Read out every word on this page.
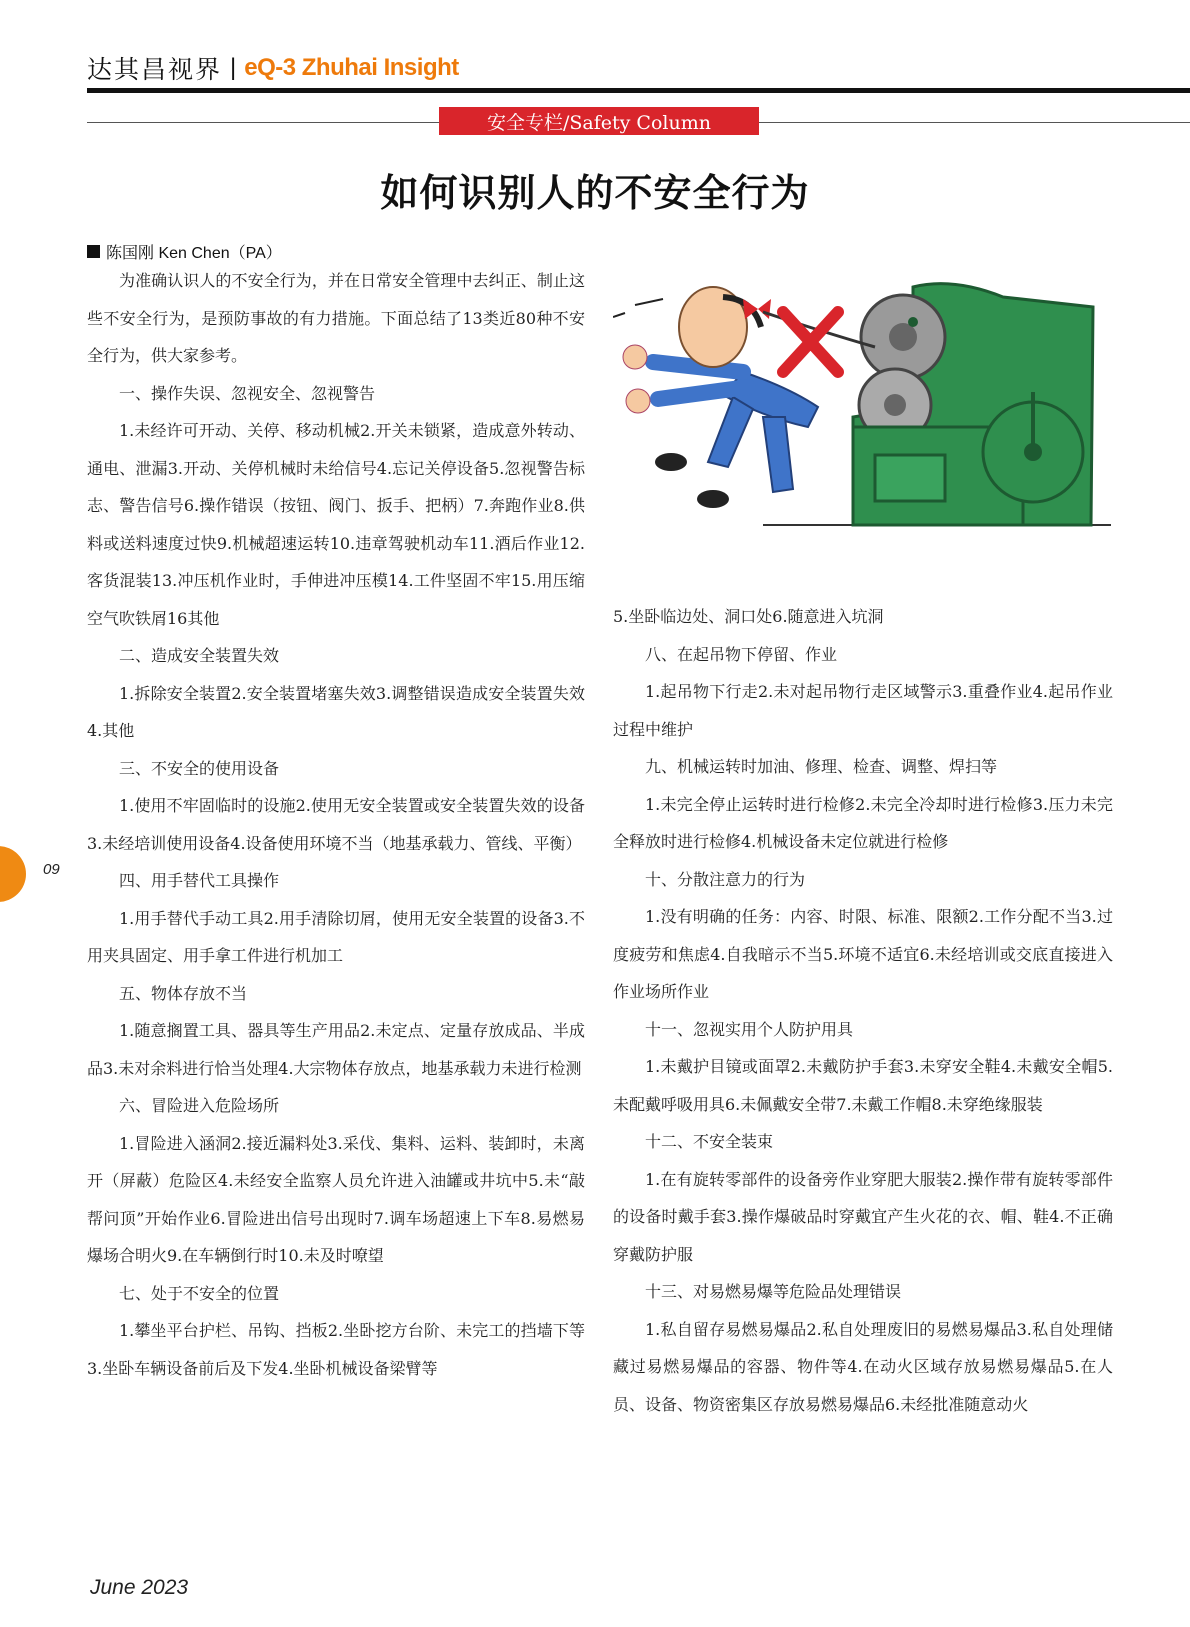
达其昌视界 | eQ-3 Zhuhai Insight
安全专栏/Safety Column
如何识别人的不安全行为
陈国刚 Ken Chen（PA）

为准确认识人的不安全行为，并在日常安全管理中去纠正、制止这些不安全行为，是预防事故的有力措施。下面总结了13类近80种不安全行为，供大家参考。

一、操作失误、忽视安全、忽视警告

1.未经许可开动、关停、移动机械2.开关未锁紧，造成意外转动、通电、泄漏3.开动、关停机械时未给信号4.忘记关停设备5.忽视警告标志、警告信号6.操作错误（按钮、阀门、扳手、把柄）7.奔跑作业8.供料或送料速度过快9.机械超速运转10.违章驾驶机动车11.酒后作业12.客货混装13.冲压机作业时，手伸进冲压模14.工件坚固不牢15.用压缩空气吹铁屑16其他

二、造成安全装置失效

1.拆除安全装置2.安全装置堵塞失效3.调整错误造成安全装置失效4.其他

三、不安全的使用设备

1.使用不牢固临时的设施2.使用无安全装置或安全装置失效的设备3.未经培训使用设备4.设备使用环境不当（地基承载力、管线、平衡）

四、用手替代工具操作

1.用手替代手动工具2.用手清除切屑，使用无安全装置的设备3.不用夹具固定、用手拿工件进行机加工

五、物体存放不当

1.随意搁置工具、器具等生产用品2.未定点、定量存放成品、半成品3.未对余料进行恰当处理4.大宗物体存放点，地基承载力未进行检测

六、冒险进入危险场所

1.冒险进入涵洞2.接近漏料处3.采伐、集料、运料、装卸时，未离开（屏蔽）危险区4.未经安全监察人员允许进入油罐或井坑中5.未“敲帮问顶”开始作业6.冒险进出信号出现时7.调车场超速上下车8.易燃易爆场合明火9.在车辆倒行时10.未及时嘹望

七、处于不安全的位置

1.攀坐平台护栏、吊钩、挡板2.坐卧挖方台阶、未完工的挡墙下等3.坐卧车辆设备前后及下发4.坐卧机械设备梁臂等

5.坐卧临边处、洞口处6.随意进入坑洞

八、在起吊物下停留、作业

1.起吊物下行走2.未对起吊物行走区域警示3.重叠作业4.起吊作业过程中维护

九、机械运转时加油、修理、检查、调整、焊扫等

1.未完全停止运转时进行检修2.未完全冷却时进行检修3.压力未完全释放时进行检修4.机械设备未定位就进行检修

十、分散注意力的行为

1.没有明确的任务：内容、时限、标准、限额2.工作分配不当3.过度疲劳和焦虑4.自我暗示不当5.环境不适宜6.未经培训或交底直接进入作业场所作业

十一、忽视实用个人防护用具

1.未戴护目镜或面罩2.未戴防护手套3.未穿安全鞋4.未戴安全帽5.未配戴呼吸用具6.未佩戴安全带7.未戴工作帽8.未穿绝缘服装

十二、不安全装束

1.在有旋转零部件的设备旁作业穿肥大服装2.操作带有旋转零部件的设备时戴手套3.操作爆破品时穿戴宜产生火花的衣、帽、鞋4.不正确穿戴防护服

十三、对易燃易爆等危险品处理错误

1.私自留存易燃易爆品2.私自处理废旧的易燃易爆品3.私自处理储藏过易燃易爆品的容器、物件等4.在动火区域存放易燃易爆品5.在人员、设备、物资密集区存放易燃易爆品6.未经批准随意动火

09
June 2023
